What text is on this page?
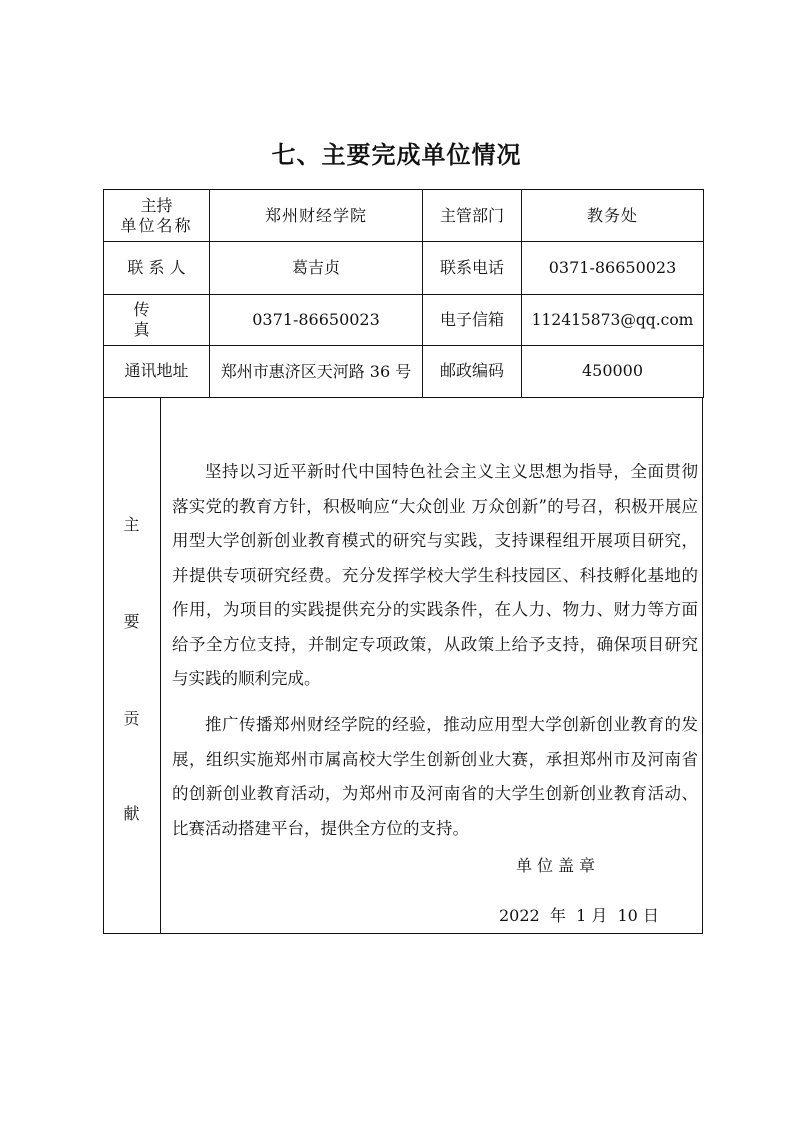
七、主要完成单位情况
主持
单位名称	郑州财经学院	主管部门	教务处
联 系 人	葛吉贞	联系电话	0371-86650023
传 真	0371-86650023	电子信箱	112415873@qq.com
通讯地址	郑州市惠济区天河路 36 号	邮政编码	450000
主
要
贡
献

坚持以习近平新时代中国特色社会主义主义思想为指导，全面贯彻落实党的教育方针，积极响应“大众创业 万众创新”的号召，积极开展应用型大学创新创业教育模式的研究与实践，支持课程组开展项目研究，并提供专项研究经费。充分发挥学校大学生科技园区、科技孵化基地的作用，为项目的实践提供充分的实践条件，在人力、物力、财力等方面给予全方位支持，并制定专项政策，从政策上给予支持，确保项目研究与实践的顺利完成。

推广传播郑州财经学院的经验，推动应用型大学创新创业教育的发展，组织实施郑州市属高校大学生创新创业大赛，承担郑州市及河南省的创新创业教育活动，为郑州市及河南省的大学生创新创业教育活动、比赛活动搭建平台，提供全方位的支持。

单位盖章
2022  年  1 月  10 日
